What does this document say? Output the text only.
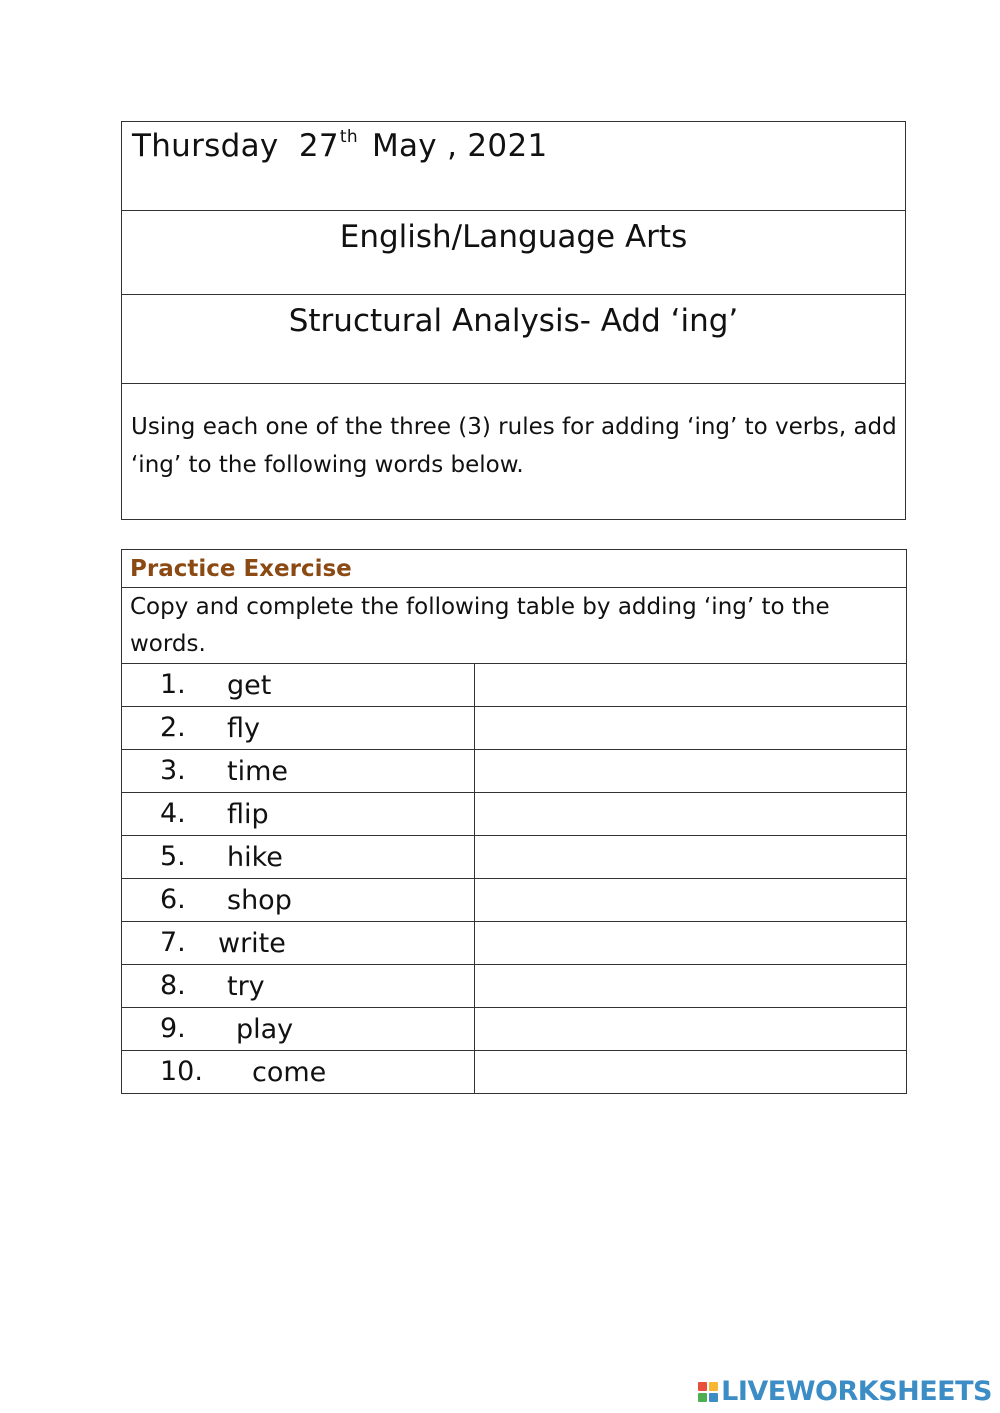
Thursday 27th May , 2021
English/Language Arts
Structural Analysis- Add ‘ing’
Using each one of the three (3) rules for adding ‘ing’ to verbs, add ‘ing’ to the following words below.
Practice Exercise	
Copy and complete the following table by adding ‘ing’ to the words.	

1. get	

2. fly	

3. time	

4. flip	

5. hike	

6. shop	

7. write	

8. try	

9. play	

10. come	

LIVEWORKSHEETS
